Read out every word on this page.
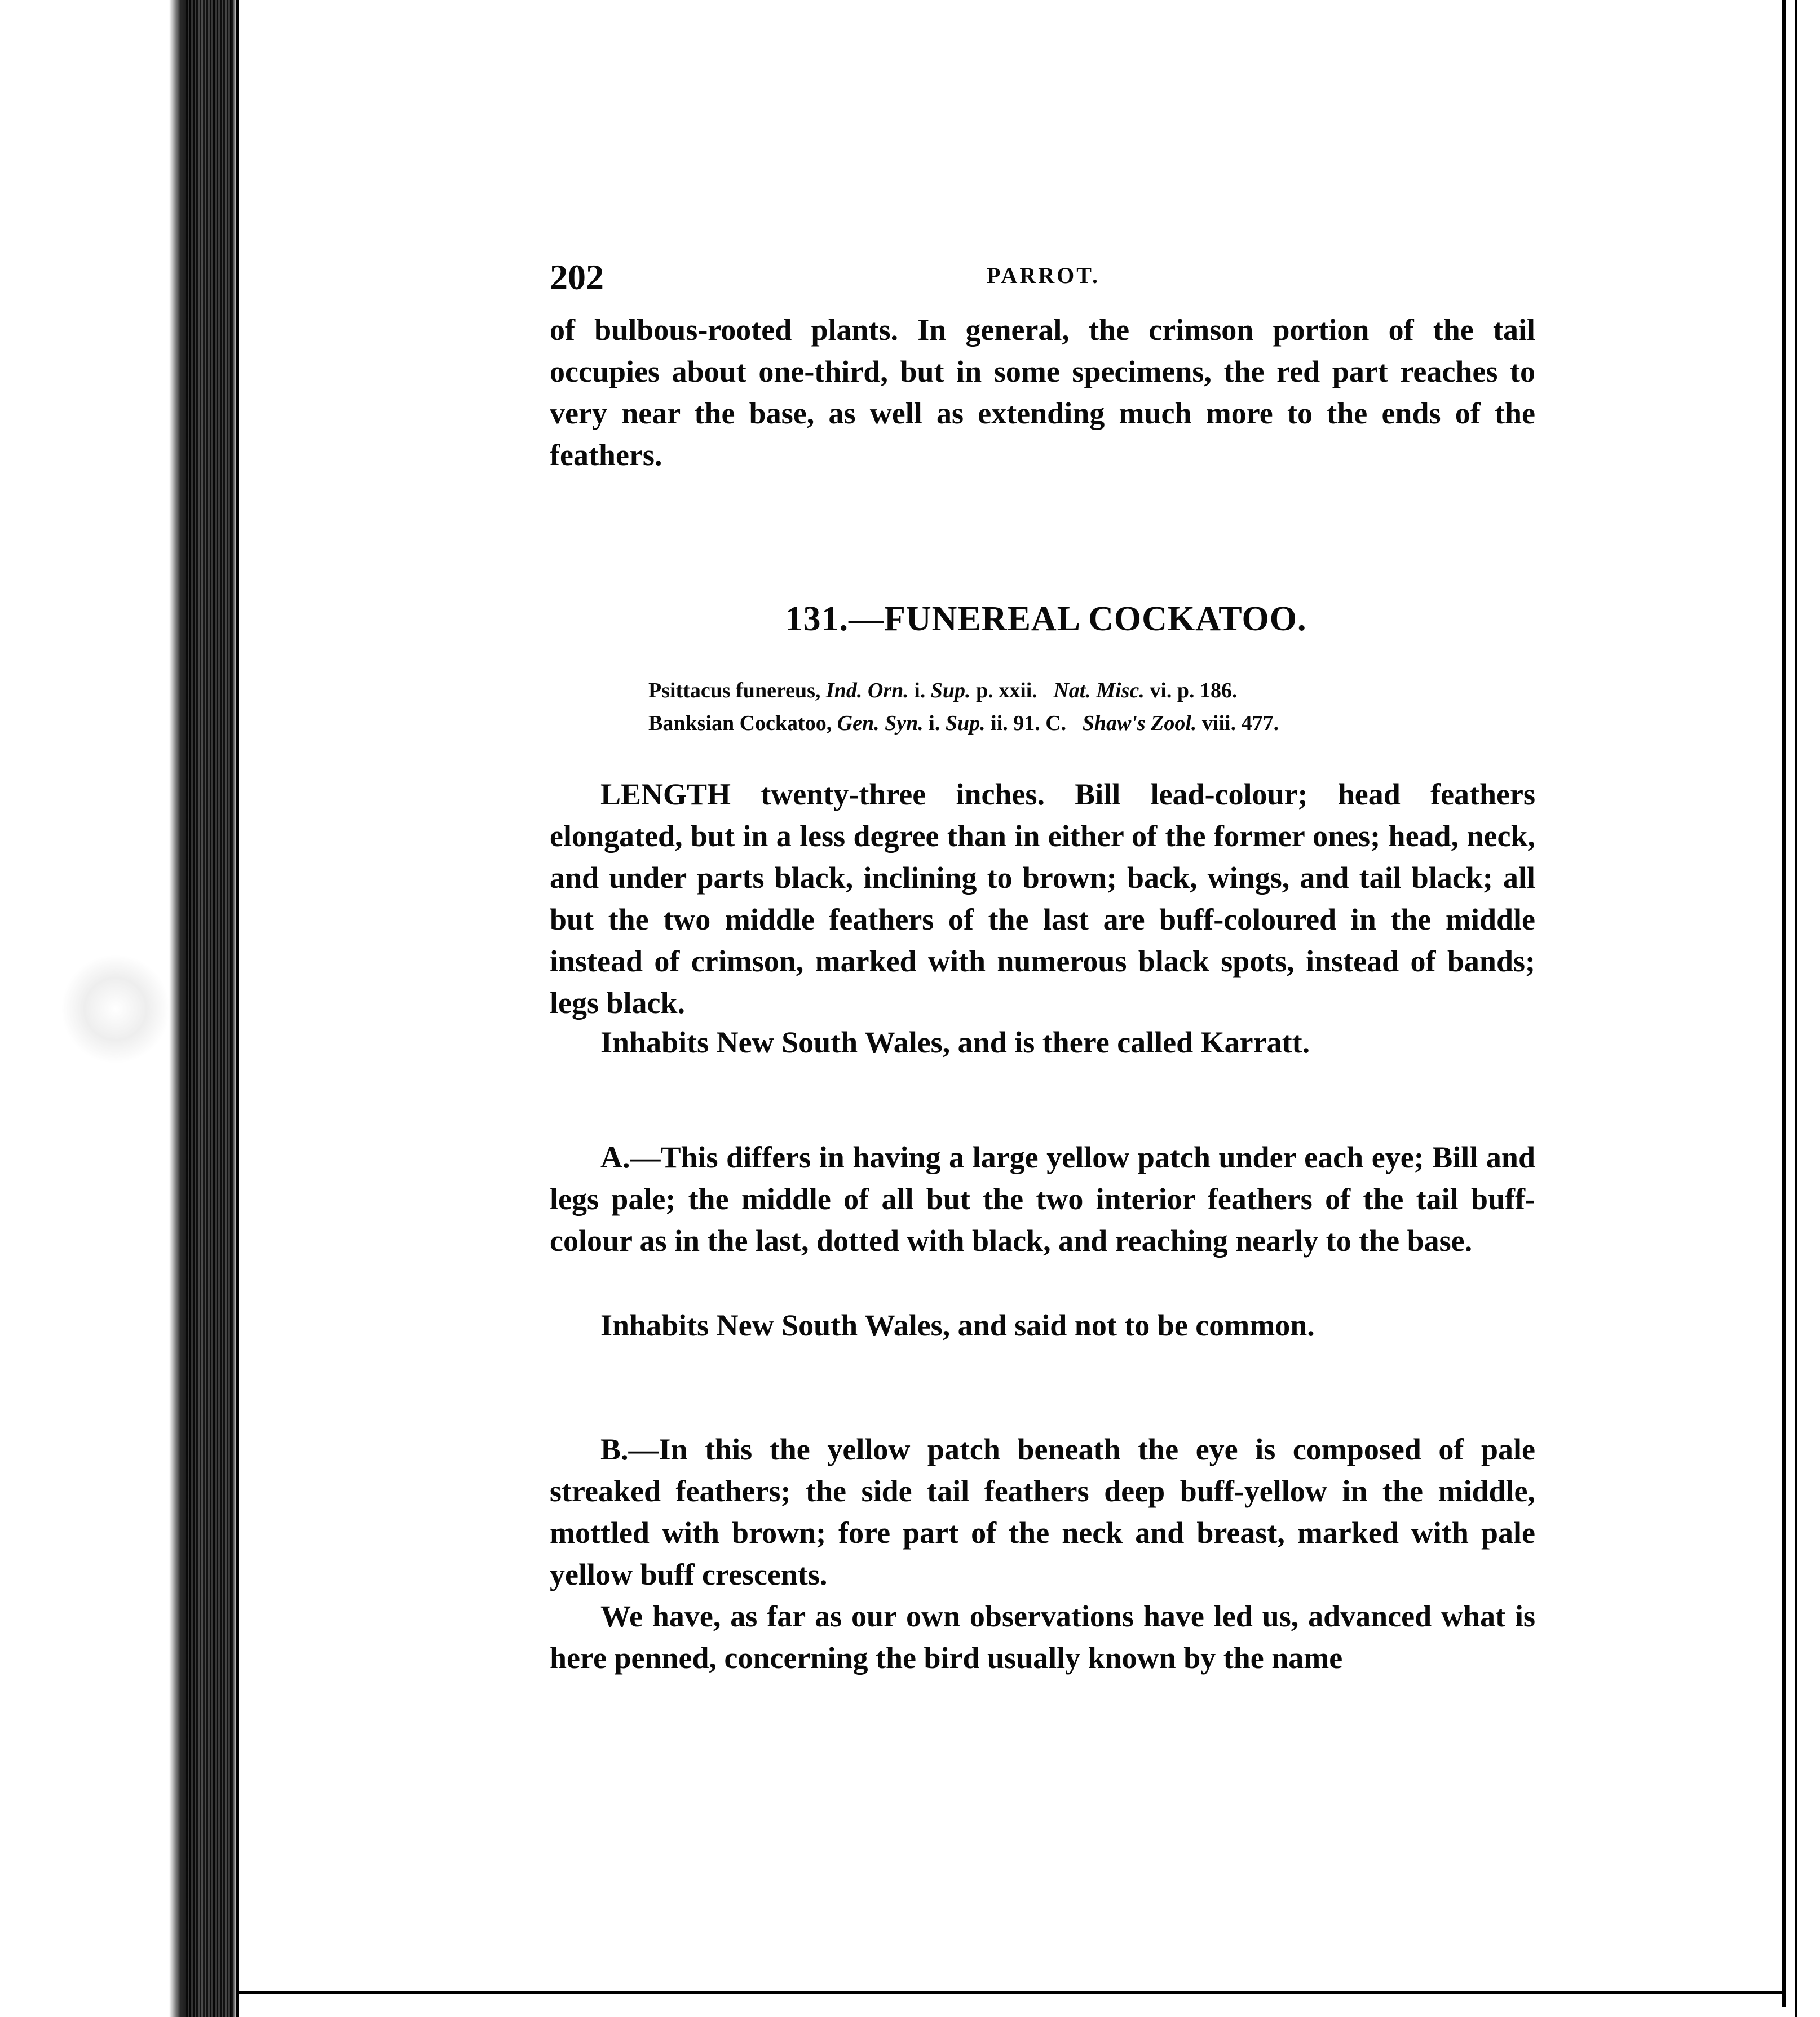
202	PARROT.

of bulbous-rooted plants. In general, the crimson portion of the tail occupies about one-third, but in some specimens, the red part reaches to very near the base, as well as extending much more to the ends of the feathers.

131.—FUNEREAL COCKATOO.
Psittacus funereus, Ind. Orn. i. Sup. p. xxii. Nat. Misc. vi. p. 186.
Banksian Cockatoo, Gen. Syn. i. Sup. ii. 91. C. Shaw's Zool. viii. 477.

LENGTH twenty-three inches. Bill lead-colour; head feathers elongated, but in a less degree than in either of the former ones; head, neck, and under parts black, inclining to brown; back, wings, and tail black; all but the two middle feathers of the last are buff-coloured in the middle instead of crimson, marked with numerous black spots, instead of bands; legs black.

Inhabits New South Wales, and is there called Karratt.

A.—This differs in having a large yellow patch under each eye; Bill and legs pale; the middle of all but the two interior feathers of the tail buff-colour as in the last, dotted with black, and reaching nearly to the base.

Inhabits New South Wales, and said not to be common.

B.—In this the yellow patch beneath the eye is composed of pale streaked feathers; the side tail feathers deep buff-yellow in the middle, mottled with brown; fore part of the neck and breast, marked with pale yellow buff crescents.

We have, as far as our own observations have led us, advanced what is here penned, concerning the bird usually known by the name
